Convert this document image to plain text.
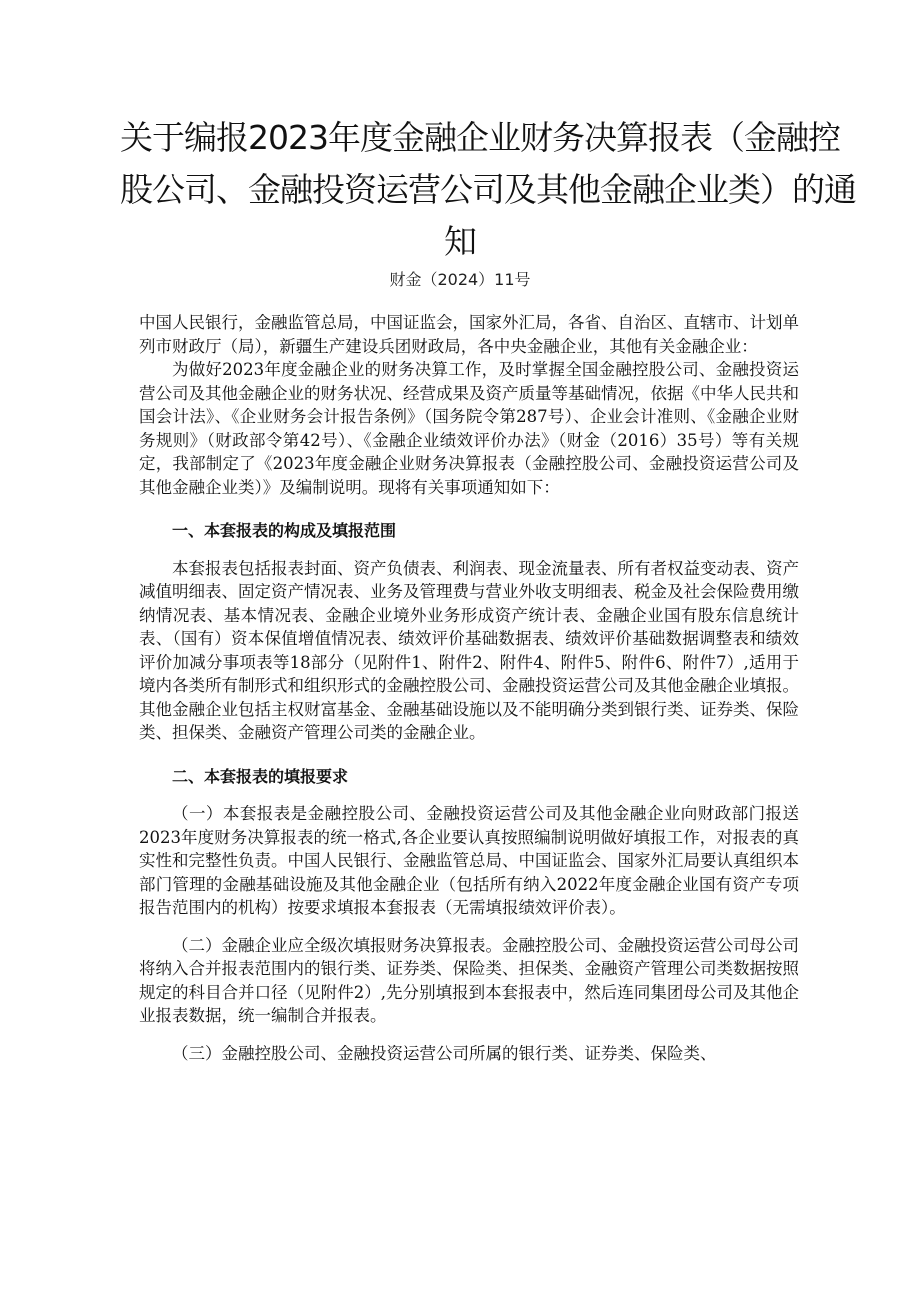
关于编报2023年度金融企业财务决算报表（金融控
股公司、金融投资运营公司及其他金融企业类）的通
知
财金（2024）11号

中国人民银行，金融监管总局，中国证监会，国家外汇局，各省、自治区、直辖市、计划单列市财政厅（局），新疆生产建设兵团财政局，各中央金融企业，其他有关金融企业：

为做好2023年度金融企业的财务决算工作，及时掌握全国金融控股公司、金融投资运营公司及其他金融企业的财务状况、经营成果及资产质量等基础情况，依据《中华人民共和国会计法》、《企业财务会计报告条例》（国务院令第287号）、企业会计准则、《金融企业财务规则》（财政部令第42号）、《金融企业绩效评价办法》（财金（2016）35号）等有关规定，我部制定了《2023年度金融企业财务决算报表（金融控股公司、金融投资运营公司及其他金融企业类）》及编制说明。现将有关事项通知如下：

一、本套报表的构成及填报范围

本套报表包括报表封面、资产负债表、利润表、现金流量表、所有者权益变动表、资产减值明细表、固定资产情况表、业务及管理费与营业外收支明细表、税金及社会保险费用缴纳情况表、基本情况表、金融企业境外业务形成资产统计表、金融企业国有股东信息统计表、（国有）资本保值增值情况表、绩效评价基础数据表、绩效评价基础数据调整表和绩效评价加减分事项表等18部分（见附件1、附件2、附件4、附件5、附件6、附件7）,适用于境内各类所有制形式和组织形式的金融控股公司、金融投资运营公司及其他金融企业填报。其他金融企业包括主权财富基金、金融基础设施以及不能明确分类到银行类、证券类、保险类、担保类、金融资产管理公司类的金融企业。

二、本套报表的填报要求

（一）本套报表是金融控股公司、金融投资运营公司及其他金融企业向财政部门报送2023年度财务决算报表的统一格式,各企业要认真按照编制说明做好填报工作，对报表的真实性和完整性负责。中国人民银行、金融监管总局、中国证监会、国家外汇局要认真组织本部门管理的金融基础设施及其他金融企业（包括所有纳入2022年度金融企业国有资产专项报告范围内的机构）按要求填报本套报表（无需填报绩效评价表）。

（二）金融企业应全级次填报财务决算报表。金融控股公司、金融投资运营公司母公司将纳入合并报表范围内的银行类、证券类、保险类、担保类、金融资产管理公司类数据按照规定的科目合并口径（见附件2）,先分别填报到本套报表中，然后连同集团母公司及其他企业报表数据，统一编制合并报表。

（三）金融控股公司、金融投资运营公司所属的银行类、证券类、保险类、
